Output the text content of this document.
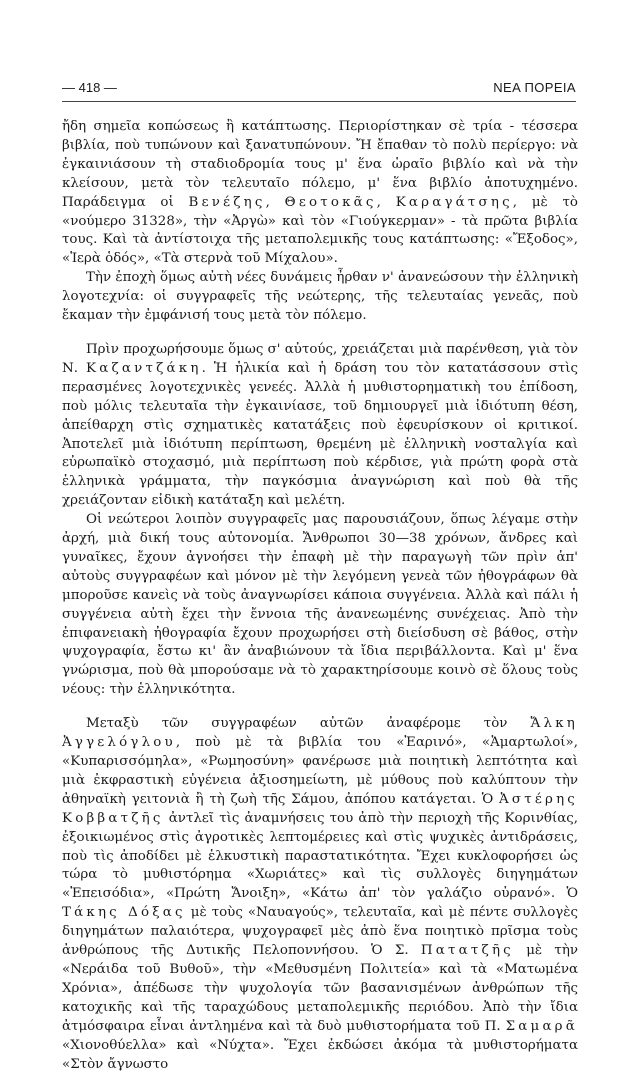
— 418 —	ΝΕΑ ΠΟΡΕΙΑ

ἤδη σημεῖα κοπώσεως ἢ κατάπτωσης. Περιορίστηκαν σὲ τρία - τέσσερα βιβλία, ποὺ τυπώνουν καὶ ξανατυπώνουν. Ἤ ἔπαθαν τὸ πολὺ περίεργο: νὰ ἐγκαινιάσουν τὴ σταδιοδρομία τους μ' ἕνα ὡραῖο βιβλίο καὶ νὰ τὴν κλείσουν, μετὰ τὸν τελευταῖο πόλεμο, μ' ἕνα βιβλίο ἀποτυχημένο. Παράδειγμα οἱ Βενέζης, Θεοτοκᾶς, Καραγάτσης, μὲ τὸ «νούμερο 31328», τὴν «Ἀργὼ» καὶ τὸν «Γιούγκερμαν» - τὰ πρῶτα βιβλία τους. Καὶ τὰ ἀντίστοιχα τῆς μεταπολεμικῆς τους κατάπτωσης: «Ἔξοδος», «Ἱερὰ ὁδός», «Τὰ στερνὰ τοῦ Μίχαλου».

Τὴν ἐποχὴ ὅμως αὐτὴ νέες δυνάμεις ἦρθαν ν' ἀνανεώσουν τὴν ἑλληνικὴ λογοτεχνία: οἱ συγγραφεῖς τῆς νεώτερης, τῆς τελευταίας γενεᾶς, ποὺ ἔκαμαν τὴν ἐμφάνισή τους μετὰ τὸν πόλεμο.

Πρὶν προχωρήσουμε ὅμως σ' αὐτούς, χρειάζεται μιὰ παρένθεση, γιὰ τὸν Ν. Καζαντζάκη. Ἡ ἡλικία καὶ ἡ δράση του τὸν κατατάσσουν στὶς περασμένες λογοτεχνικὲς γενεές. Ἀλλὰ ἡ μυθιστορηματικὴ του ἐπίδοση, ποὺ μόλις τελευταῖα τὴν ἐγκαινίασε, τοῦ δημιουργεῖ μιὰ ἰδιότυπη θέση, ἀπείθαρχη στὶς σχηματικὲς κατατάξεις ποὺ ἐφευρίσκουν οἱ κριτικοί. Ἀποτελεῖ μιὰ ἰδιότυπη περίπτωση, θρεμένη μὲ ἑλληνικὴ νοσταλγία καὶ εὐρωπαϊκὸ στοχασμό, μιὰ περίπτωση ποὺ κέρδισε, γιὰ πρώτη φορὰ στὰ ἑλληνικὰ γράμματα, τὴν παγκόσμια ἀναγνώριση καὶ ποὺ θὰ τῆς χρειάζονταν εἰδικὴ κατάταξη καὶ μελέτη.

Οἱ νεώτεροι λοιπὸν συγγραφεῖς μας παρουσιάζουν, ὅπως λέγαμε στὴν ἀρχή, μιὰ δική τους αὐτονομία. Ἄνθρωποι 30—38 χρόνων, ἄνδρες καὶ γυναῖκες, ἔχουν ἀγνοήσει τὴν ἐπαφὴ μὲ τὴν παραγωγὴ τῶν πρὶν ἀπ' αὐτοὺς συγγραφέων καὶ μόνον μὲ τὴν λεγόμενη γενεὰ τῶν ἠθογράφων θὰ μποροῦσε κανεὶς νὰ τοὺς ἀναγνωρίσει κάποια συγγένεια. Ἀλλὰ καὶ πάλι ἡ συγγένεια αὐτὴ ἔχει τὴν ἔννοια τῆς ἀνανεωμένης συνέχειας. Ἀπὸ τὴν ἐπιφανειακὴ ἠθογραφία ἔχουν προχωρήσει στὴ διείσδυση σὲ βάθος, στὴν ψυχογραφία, ἔστω κι' ἂν ἀναβιώνουν τὰ ἴδια περιβάλλοντα. Καὶ μ' ἕνα γνώρισμα, ποὺ θὰ μπορούσαμε νὰ τὸ χαρακτηρίσουμε κοινὸ σὲ ὅλους τοὺς νέους: τὴν ἑλληνικότητα.

Μεταξὺ τῶν συγγραφέων αὐτῶν ἀναφέρομε τὸν Ἄλκη Ἀγγελόγλου, ποὺ μὲ τὰ βιβλία του «Ἐαρινό», «Ἁμαρτωλοί», «Κυπαρισσόμηλα», «Ρωμηοσύνη» φανέρωσε μιὰ ποιητικὴ λεπτότητα καὶ μιὰ ἐκφραστικὴ εὐγένεια ἀξιοσημείωτη, μὲ μύθους ποὺ καλύπτουν τὴν ἀθηναϊκὴ γειτονιὰ ἢ τὴ ζωὴ τῆς Σάμου, ἀπόπου κατάγεται. Ὁ Ἀστέρης Κοββατζῆς ἀντλεῖ τὶς ἀναμνήσεις του ἀπὸ τὴν περιοχὴ τῆς Κορινθίας, ἐξοικιωμένος στὶς ἀγροτικὲς λεπτομέρειες καὶ στὶς ψυχικὲς ἀντιδράσεις, ποὺ τὶς ἀποδίδει μὲ ἑλκυστικὴ παραστατικότητα. Ἔχει κυκλοφορήσει ὡς τώρα τὸ μυθιστόρημα «Χωριάτες» καὶ τὶς συλλογὲς διηγημάτων «Ἐπεισόδια», «Πρώτη Ἄνοιξη», «Κάτω ἀπ' τὸν γαλάζιο οὐρανό». Ὁ Τάκης Δόξας μὲ τοὺς «Ναυαγούς», τελευταῖα, καὶ μὲ πέντε συλλογὲς διηγημάτων παλαιότερα, ψυχογραφεῖ μὲς ἀπὸ ἕνα ποιητικὸ πρῖσμα τοὺς ἀνθρώπους τῆς Δυτικῆς Πελοποννήσου. Ὁ Σ. Πατατζῆς μὲ τὴν «Νεράιδα τοῦ Βυθοῦ», τὴν «Μεθυσμένη Πολιτεία» καὶ τὰ «Ματωμένα Χρόνια», ἀπέδωσε τὴν ψυχολογία τῶν βασανισμένων ἀνθρώπων τῆς κατοχικῆς καὶ τῆς ταραχώδους μεταπολεμικῆς περιόδου. Ἀπὸ τὴν ἴδια ἀτμόσφαιρα εἶναι ἀντλημένα καὶ τὰ δυὸ μυθιστορήματα τοῦ Π. Σαμαρᾶ «Χιονοθύελλα» καὶ «Νύχτα». Ἔχει ἐκδώσει ἀκόμα τὰ μυθιστορήματα «Στὸν ἄγνωστο
